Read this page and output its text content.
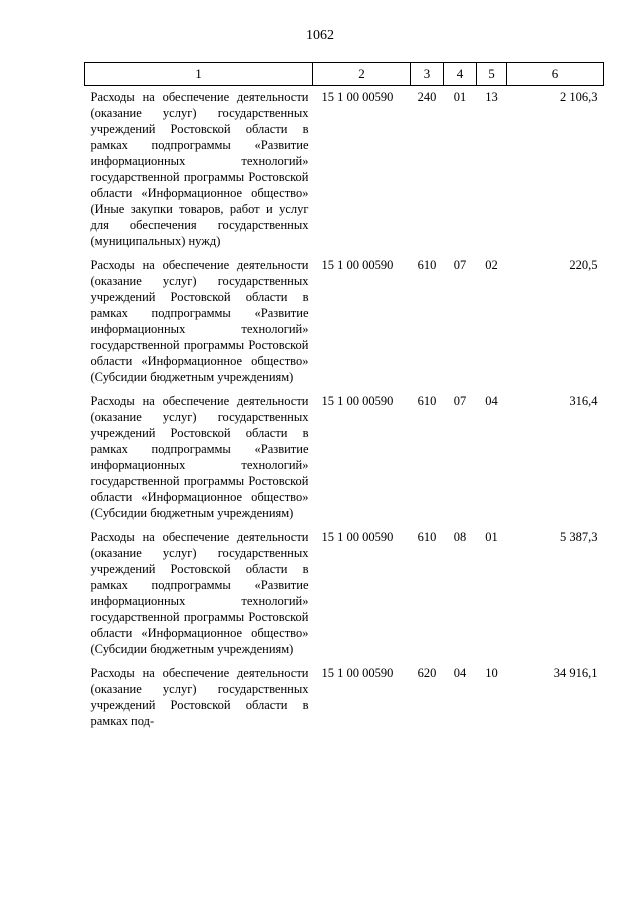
1062
1	2	3	4	5	6
Расходы на обеспечение деятельности (оказание услуг) государственных учреждений Ростовской области в рамках подпрограммы «Развитие информационных технологий» государственной программы Ростовской области «Информационное общество» (Иные закупки товаров, работ и услуг для обеспечения государственных (муниципальных) нужд)	15 1 00 00590	240	01	13	2 106,3
Расходы на обеспечение деятельности (оказание услуг) государственных учреждений Ростовской области в рамках подпрограммы «Развитие информационных технологий» государственной программы Ростовской области «Информационное общество» (Субсидии бюджетным учреждениям)	15 1 00 00590	610	07	02	220,5
Расходы на обеспечение деятельности (оказание услуг) государственных учреждений Ростовской области в рамках подпрограммы «Развитие информационных технологий» государственной программы Ростовской области «Информационное общество» (Субсидии бюджетным учреждениям)	15 1 00 00590	610	07	04	316,4
Расходы на обеспечение деятельности (оказание услуг) государственных учреждений Ростовской области в рамках подпрограммы «Развитие информационных технологий» государственной программы Ростовской области «Информационное общество» (Субсидии бюджетным учреждениям)	15 1 00 00590	610	08	01	5 387,3
Расходы на обеспечение деятельности (оказание услуг) государственных учреждений Ростовской области в рамках под-	15 1 00 00590	620	04	10	34 916,1
